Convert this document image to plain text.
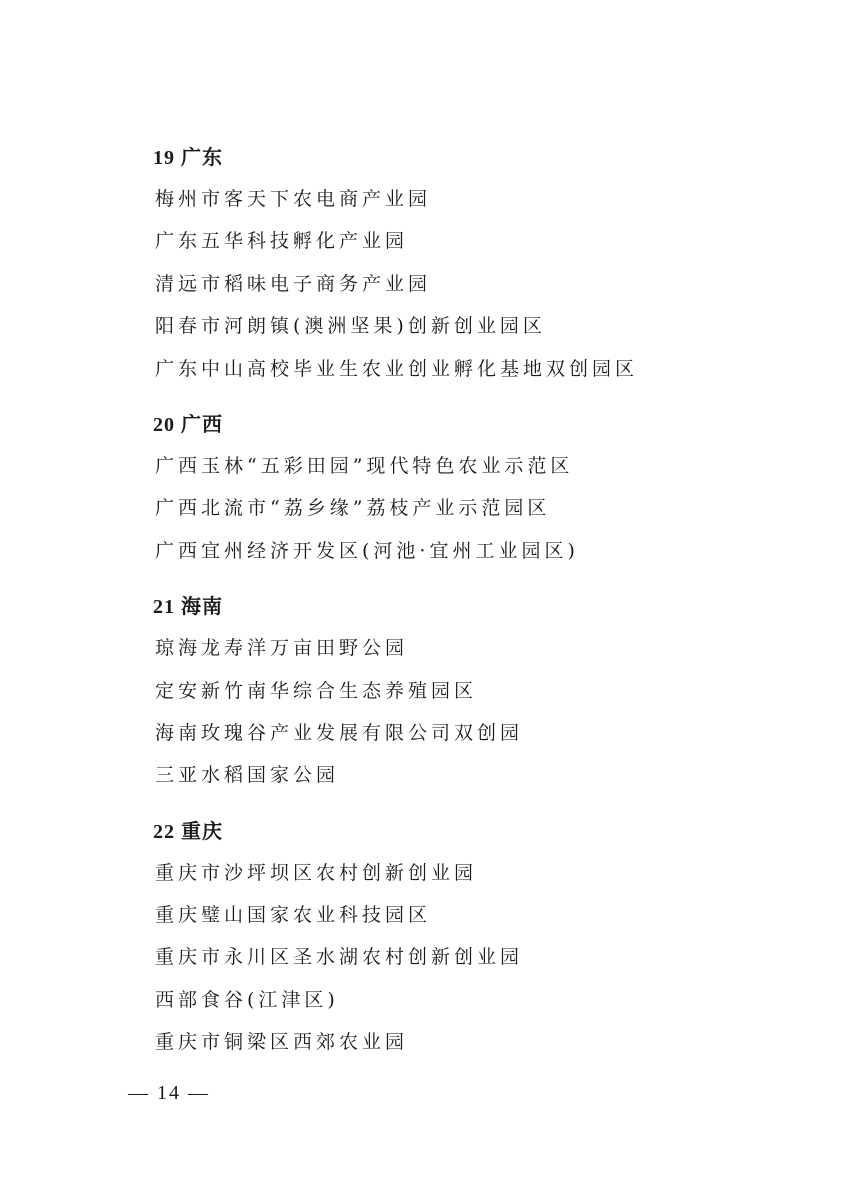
19 广东
梅州市客天下农电商产业园
广东五华科技孵化产业园
清远市稻味电子商务产业园
阳春市河朗镇(澳洲坚果)创新创业园区
广东中山高校毕业生农业创业孵化基地双创园区
20 广西
广西玉林“五彩田园”现代特色农业示范区
广西北流市“荔乡缘”荔枝产业示范园区
广西宜州经济开发区(河池·宜州工业园区)
21 海南
琼海龙寿洋万亩田野公园
定安新竹南华综合生态养殖园区
海南玫瑰谷产业发展有限公司双创园
三亚水稻国家公园
22 重庆
重庆市沙坪坝区农村创新创业园
重庆璧山国家农业科技园区
重庆市永川区圣水湖农村创新创业园
西部食谷(江津区)
重庆市铜梁区西郊农业园
— 14 —
